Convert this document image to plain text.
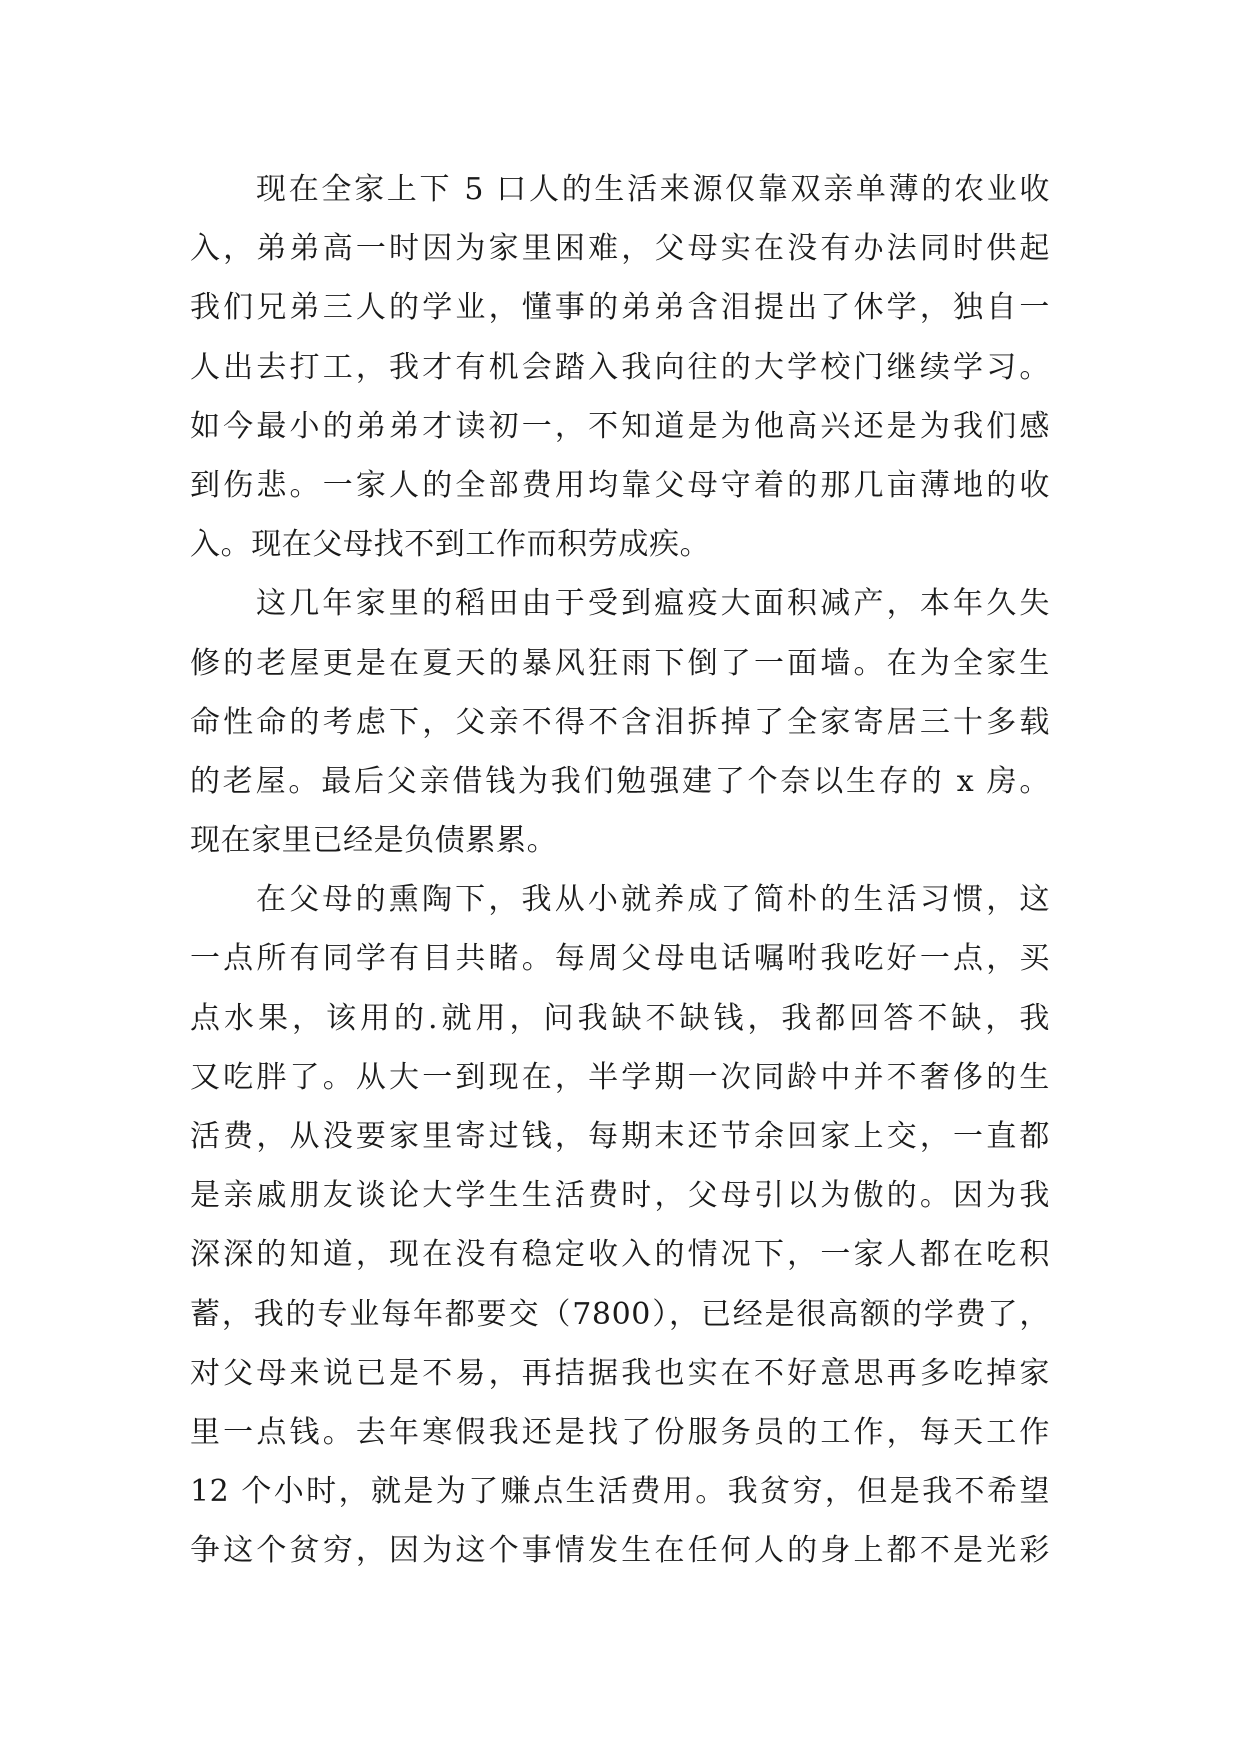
现在全家上下 5 口人的生活来源仅靠双亲单薄的农业收
入，弟弟高一时因为家里困难，父母实在没有办法同时供起
我们兄弟三人的学业，懂事的弟弟含泪提出了休学，独自一
人出去打工，我才有机会踏入我向往的大学校门继续学习。
如今最小的弟弟才读初一，不知道是为他高兴还是为我们感
到伤悲。一家人的全部费用均靠父母守着的那几亩薄地的收
入。现在父母找不到工作而积劳成疾。
这几年家里的稻田由于受到瘟疫大面积减产，本年久失
修的老屋更是在夏天的暴风狂雨下倒了一面墙。在为全家生
命性命的考虑下，父亲不得不含泪拆掉了全家寄居三十多载
的老屋。最后父亲借钱为我们勉强建了个奈以生存的 x 房。
现在家里已经是负债累累。
在父母的熏陶下，我从小就养成了简朴的生活习惯，这
一点所有同学有目共睹。每周父母电话嘱咐我吃好一点，买
点水果，该用的.就用，问我缺不缺钱，我都回答不缺，我
又吃胖了。从大一到现在，半学期一次同龄中并不奢侈的生
活费，从没要家里寄过钱，每期末还节余回家上交，一直都
是亲戚朋友谈论大学生生活费时，父母引以为傲的。因为我
深深的知道，现在没有稳定收入的情况下，一家人都在吃积
蓄，我的专业每年都要交（7800），已经是很高额的学费了，
对父母来说已是不易，再拮据我也实在不好意思再多吃掉家
里一点钱。去年寒假我还是找了份服务员的工作，每天工作
12 个小时，就是为了赚点生活费用。我贫穷，但是我不希望
争这个贫穷，因为这个事情发生在任何人的身上都不是光彩
